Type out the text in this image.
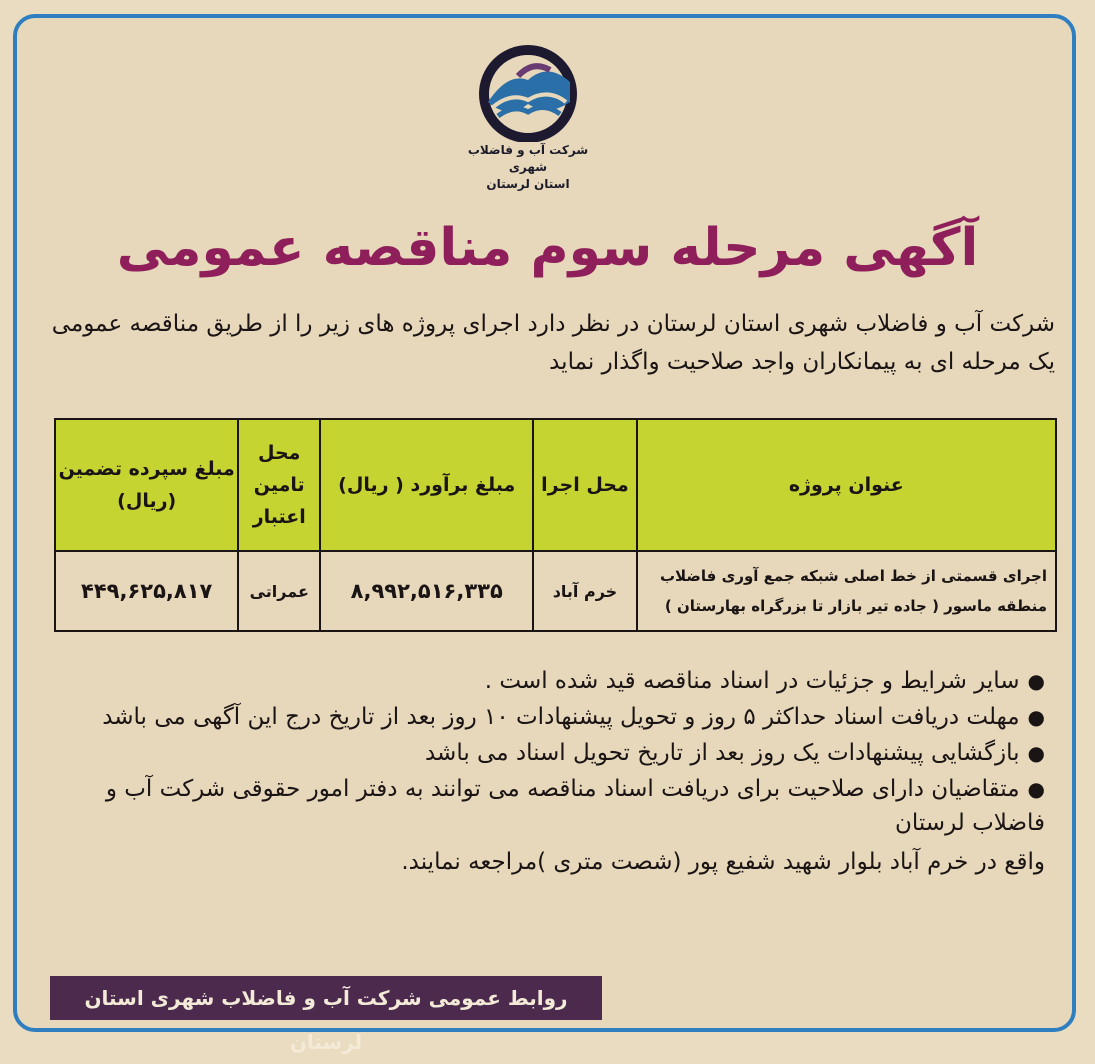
شرکت آب و فاضلاب شهری
استان لرستان
آگهی مرحله سوم مناقصه عمومی
شرکت آب و فاضلاب شهری استان لرستان در نظر دارد اجرای پروژه های زیر را از طریق مناقصه عمومی یک مرحله ای به پیمانکاران واجد صلاحیت واگذار نماید
عنوان پروژه	محل اجرا	مبلغ برآورد ( ریال)	محل تامین اعتبار	مبلغ سپرده تضمین (ریال)

اجرای قسمتی از خط اصلی شبکه جمع آوری فاضلاب
منطقه ماسور ( جاده تیر بازار تا بزرگراه بهارستان )	خرم آباد	۸,۹۹۲,۵۱۶,۳۳۵	عمراتی	۴۴۹,۶۲۵,۸۱۷
●سایر شرایط و جزئیات در اسناد مناقصه قید شده است .
●مهلت دریافت اسناد حداکثر ۵ روز و تحویل پیشنهادات ۱۰ روز بعد از تاریخ درج این آگهی می باشد
●بازگشایی پیشنهادات یک روز بعد از تاریخ تحویل اسناد می باشد
●متقاضیان دارای صلاحیت برای دریافت اسناد مناقصه می توانند به دفتر امور حقوقی شرکت آب و فاضلاب لرستان
واقع در خرم آباد بلوار شهید شفیع پور (شصت متری )مراجعه نمایند.
روابط عمومی شرکت آب و فاضلاب شهری استان لرستان
